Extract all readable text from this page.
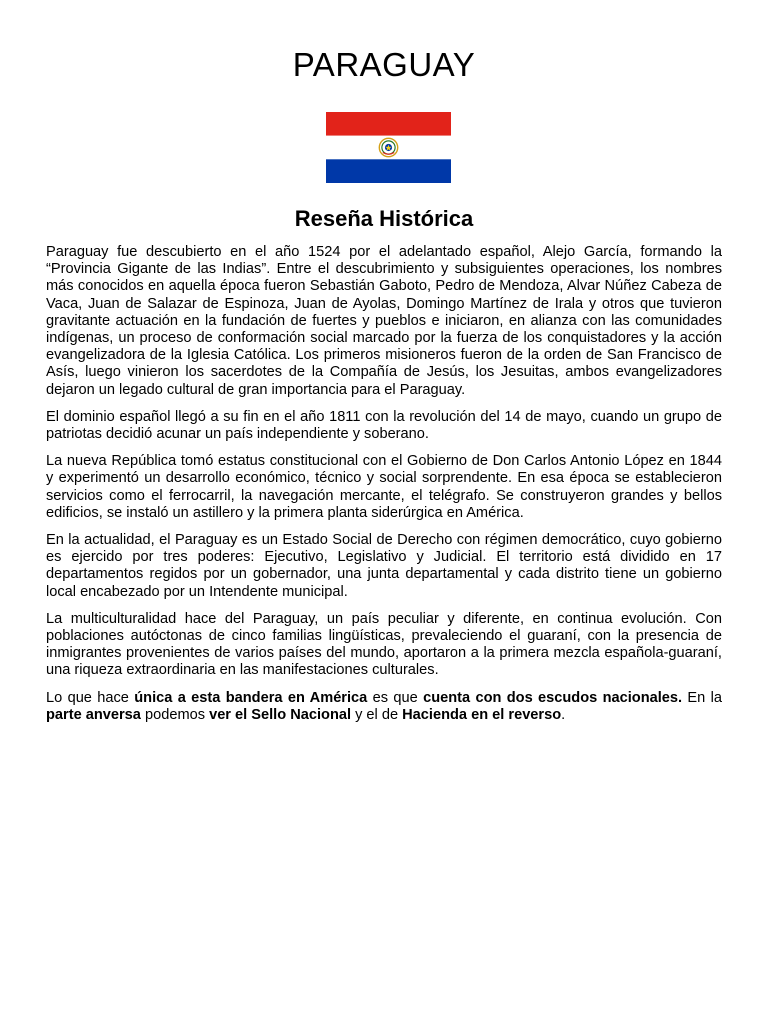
PARAGUAY
Reseña Histórica

Paraguay fue descubierto en el año 1524 por el adelantado español, Alejo García, formando la “Provincia Gigante de las Indias”. Entre el descubrimiento y subsiguientes operaciones, los nombres más conocidos en aquella época fueron Sebastián Gaboto, Pedro de Mendoza, Alvar Núñez Cabeza de Vaca, Juan de Salazar de Espinoza, Juan de Ayolas, Domingo Martínez de Irala y otros que tuvieron gravitante actuación en la fundación de fuertes y pueblos e iniciaron, en alianza con las comunidades indígenas, un proceso de conformación social marcado por la fuerza de los conquistadores y la acción evangelizadora de la Iglesia Católica. Los primeros misioneros fueron de la orden de San Francisco de Asís, luego vinieron los sacerdotes de la Compañía de Jesús, los Jesuitas, ambos evangelizadores dejaron un legado cultural de gran importancia para el Paraguay.

El dominio español llegó a su fin en el año 1811 con la revolución del 14 de mayo, cuando un grupo de patriotas decidió acunar un país independiente y soberano.

La nueva República tomó estatus constitucional con el Gobierno de Don Carlos Antonio López en 1844 y experimentó un desarrollo económico, técnico y social sorprendente. En esa época se establecieron servicios como el ferrocarril, la navegación mercante, el telégrafo. Se construyeron grandes y bellos edificios, se instaló un astillero y la primera planta siderúrgica en América.

En la actualidad, el Paraguay es un Estado Social de Derecho con régimen democrático, cuyo gobierno es ejercido por tres poderes: Ejecutivo, Legislativo y Judicial. El territorio está dividido en 17 departamentos regidos por un gobernador, una junta departamental y cada distrito tiene un gobierno local encabezado por un Intendente municipal.

La multiculturalidad hace del Paraguay, un país peculiar y diferente, en continua evolución. Con poblaciones autóctonas de cinco familias lingüísticas, prevaleciendo el guaraní, con la presencia de inmigrantes provenientes de varios países del mundo, aportaron a la primera mezcla española-guaraní, una riqueza extraordinaria en las manifestaciones culturales.

Lo que hace única a esta bandera en América es que cuenta con dos escudos nacionales. En la parte anversa podemos ver el Sello Nacional y el de Hacienda en el reverso.
